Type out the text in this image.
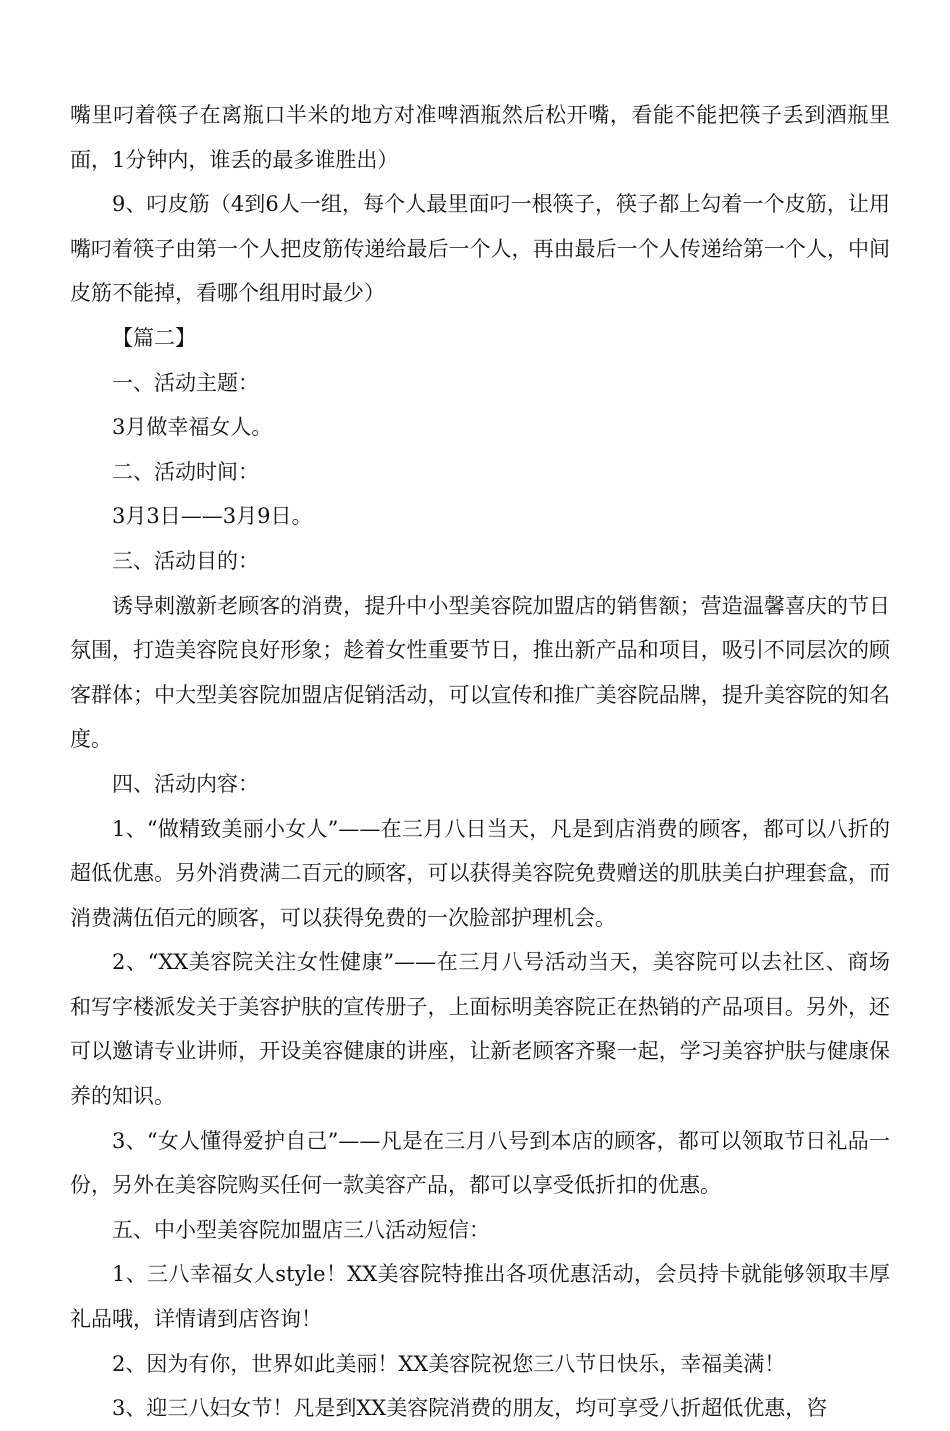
嘴里叼着筷子在离瓶口半米的地方对准啤酒瓶然后松开嘴，看能不能把筷子丢到酒瓶里面，1分钟内，谁丢的最多谁胜出）

9、叼皮筋（4到6人一组，每个人最里面叼一根筷子，筷子都上勾着一个皮筋，让用嘴叼着筷子由第一个人把皮筋传递给最后一个人，再由最后一个人传递给第一个人，中间皮筋不能掉，看哪个组用时最少）

【篇二】

一、活动主题：

3月做幸福女人。

二、活动时间：

3月3日——3月9日。

三、活动目的：

诱导刺激新老顾客的消费，提升中小型美容院加盟店的销售额；营造温馨喜庆的节日氛围，打造美容院良好形象；趁着女性重要节日，推出新产品和项目，吸引不同层次的顾客群体；中大型美容院加盟店促销活动，可以宣传和推广美容院品牌，提升美容院的知名度。

四、活动内容：

1、“做精致美丽小女人”——在三月八日当天，凡是到店消费的顾客，都可以八折的超低优惠。另外消费满二百元的顾客，可以获得美容院免费赠送的肌肤美白护理套盒，而消费满伍佰元的顾客，可以获得免费的一次脸部护理机会。

2、“XX美容院关注女性健康”——在三月八号活动当天，美容院可以去社区、商场和写字楼派发关于美容护肤的宣传册子，上面标明美容院正在热销的产品项目。另外，还可以邀请专业讲师，开设美容健康的讲座，让新老顾客齐聚一起，学习美容护肤与健康保养的知识。

3、“女人懂得爱护自己”——凡是在三月八号到本店的顾客，都可以领取节日礼品一份，另外在美容院购买任何一款美容产品，都可以享受低折扣的优惠。

五、中小型美容院加盟店三八活动短信：

1、三八幸福女人style！XX美容院特推出各项优惠活动，会员持卡就能够领取丰厚礼品哦，详情请到店咨询！

2、因为有你，世界如此美丽！XX美容院祝您三八节日快乐，幸福美满！

3、迎三八妇女节！凡是到XX美容院消费的朋友，均可享受八折超低优惠，咨
